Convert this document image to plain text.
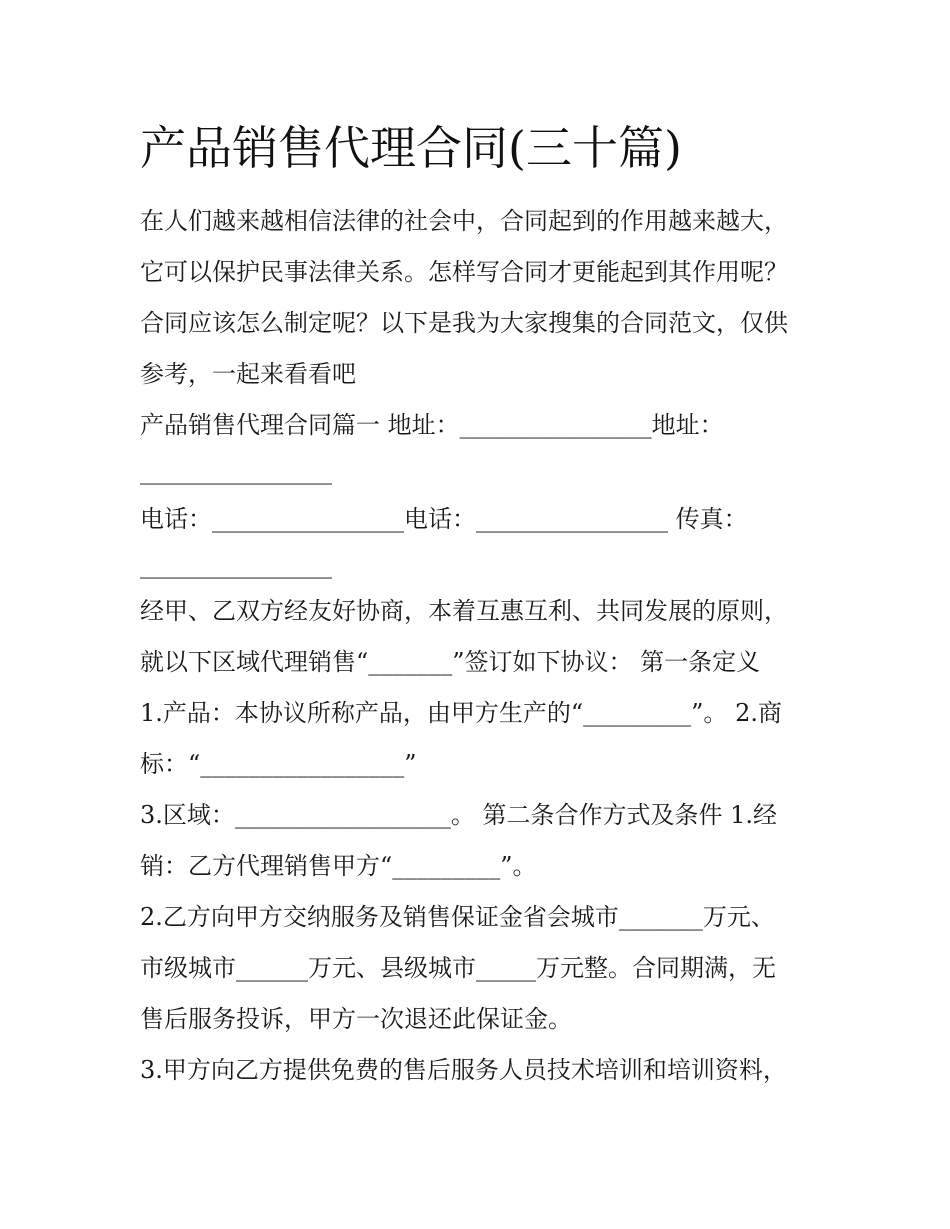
产品销售代理合同(三十篇)
在人们越来越相信法律的社会中，合同起到的作用越来越大，
它可以保护民事法律关系。怎样写合同才更能起到其作用呢？
合同应该怎么制定呢？以下是我为大家搜集的合同范文，仅供
参考，一起来看看吧
产品销售代理合同篇一 地址：________________地址：
________________
电话：________________电话：________________ 传真：
________________
经甲、乙双方经友好协商，本着互惠互利、共同发展的原则，
就以下区域代理销售“_______”签订如下协议： 第一条定义
1.产品：本协议所称产品，由甲方生产的“_________”。 2.商
标：“_________________”
3.区域：__________________。 第二条合作方式及条件 1.经
销：乙方代理销售甲方“_________”。
2.乙方向甲方交纳服务及销售保证金省会城市_______万元、
市级城市______万元、县级城市_____万元整。合同期满，无
售后服务投诉，甲方一次退还此保证金。
3.甲方向乙方提供免费的售后服务人员技术培训和培训资料，
